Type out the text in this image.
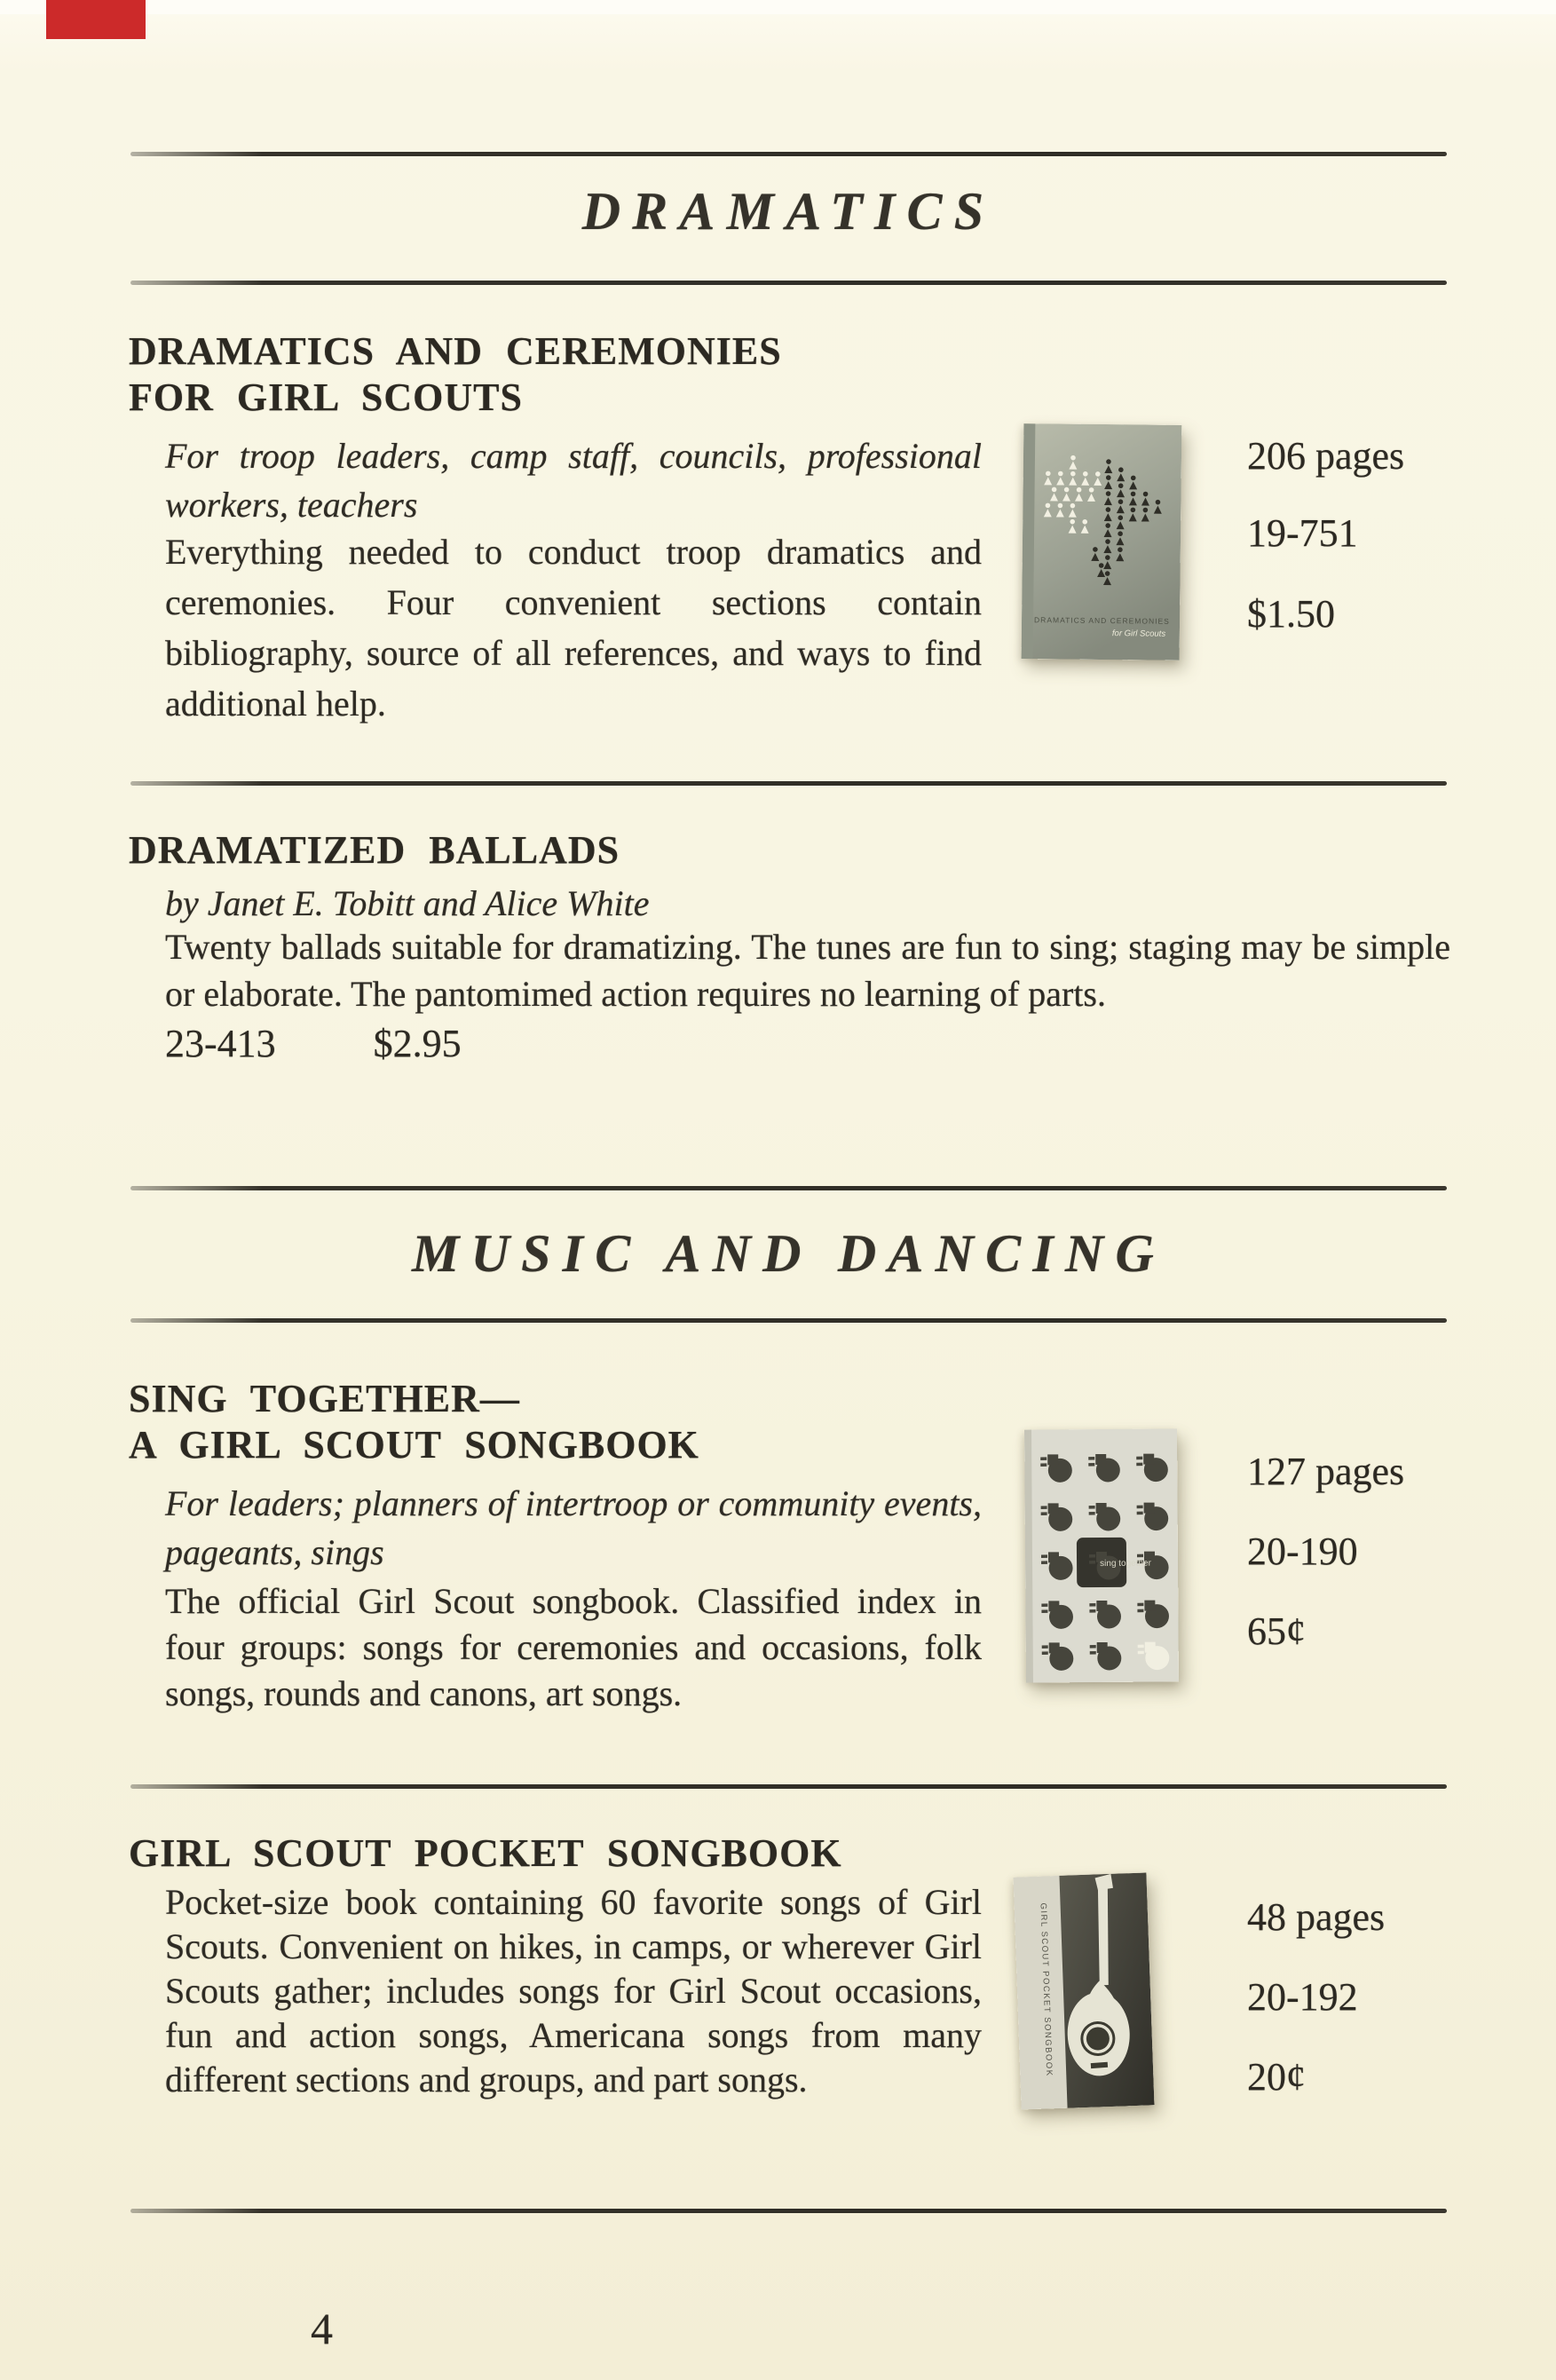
DRAMATICS
DRAMATICS AND CEREMONIES
FOR GIRL SCOUTS
For troop leaders, camp staff, councils, professional workers, teachers
Everything needed to conduct troop dramatics and ceremonies. Four convenient sections contain bibliography, source of all references, and ways to find additional help.
DRAMATICS AND CEREMONIES
for Girl Scouts
206 pages
19-751
$1.50
DRAMATIZED BALLADS
by Janet E. Tobitt and Alice White
Twenty ballads suitable for dramatizing. The tunes are fun to sing; staging may be simple or elaborate. The pantomimed action requires no learning of parts.
23-413	$2.95
MUSIC AND DANCING
SING TOGETHER—
A GIRL SCOUT SONGBOOK
For leaders; planners of intertroop or community events, pageants, sings
The official Girl Scout songbook. Classified index in four groups: songs for ceremonies and occasions, folk songs, rounds and canons, art songs.
sing together
127 pages
20-190
65¢
GIRL SCOUT POCKET SONGBOOK
Pocket-size book containing 60 favorite songs of Girl Scouts. Convenient on hikes, in camps, or wherever Girl Scouts gather; includes songs for Girl Scout occasions, fun and action songs, Americana songs from many different sections and groups, and part songs.
GIRL SCOUT POCKET SONGBOOK	48 pages
20-192
20¢
4
